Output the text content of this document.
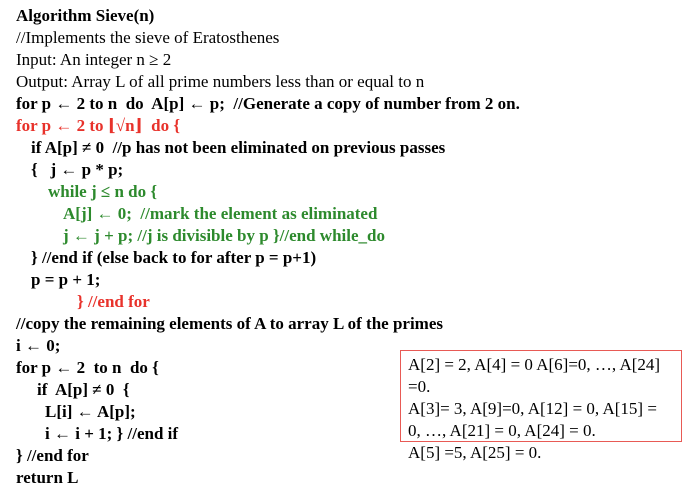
Algorithm Sieve(n)
//Implements the sieve of Eratosthenes
Input: An integer n ≥ 2
Output: Array L of all prime numbers less than or equal to n
for p ← 2 to n  do  A[p] ← p;  //Generate a copy of number from 2 on.
for p ← 2 to ⌊√n⌋  do {
if A[p] ≠ 0  //p has not been eliminated on previous passes
{   j ← p * p;
while j ≤ n do {
A[j] ← 0;  //mark the element as eliminated
j ← j + p; //j is divisible by p }//end while_do
} //end if (else back to for after p = p+1)
p = p + 1;
} //end for
//copy the remaining elements of A to array L of the primes
i ← 0;
for p ← 2  to n  do {
if  A[p] ≠ 0  {
L[i] ← A[p];
i ← i + 1; } //end if
} //end for
return L
A[2] = 2, A[4] = 0 A[6]=0, …, A[24]
=0.
A[3]= 3, A[9]=0, A[12] = 0, A[15] =
0, …, A[21] = 0, A[24] = 0.
A[5] =5, A[25] = 0.
